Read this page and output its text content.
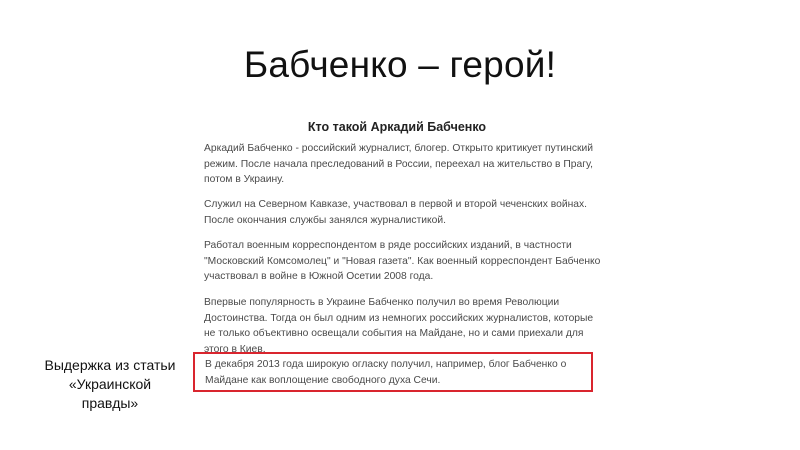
Бабченко – герой!
Кто такой Аркадий Бабченко

Аркадий Бабченко - российский журналист, блогер. Открыто критикует путинский режим. После начала преследований в России, переехал на жительство в Прагу, потом в Украину.

Служил на Северном Кавказе, участвовал в первой и второй чеченских войнах. После окончания службы занялся журналистикой.

Работал военным корреспондентом в ряде российских изданий, в частности "Московский Комсомолец" и "Новая газета". Как военный корреспондент Бабченко участвовал в войне в Южной Осетии 2008 года.

Впервые популярность в Украине Бабченко получил во время Революции Достоинства. Тогда он был одним из немногих российских журналистов, которые не только объективно освещали события на Майдане, но и сами приехали для этого в Киев.

В декабря 2013 года широкую огласку получил, например, блог Бабченко о Майдане как воплощение свободного духа Сечи.

Выдержка из статьи
«Украинской
правды»
